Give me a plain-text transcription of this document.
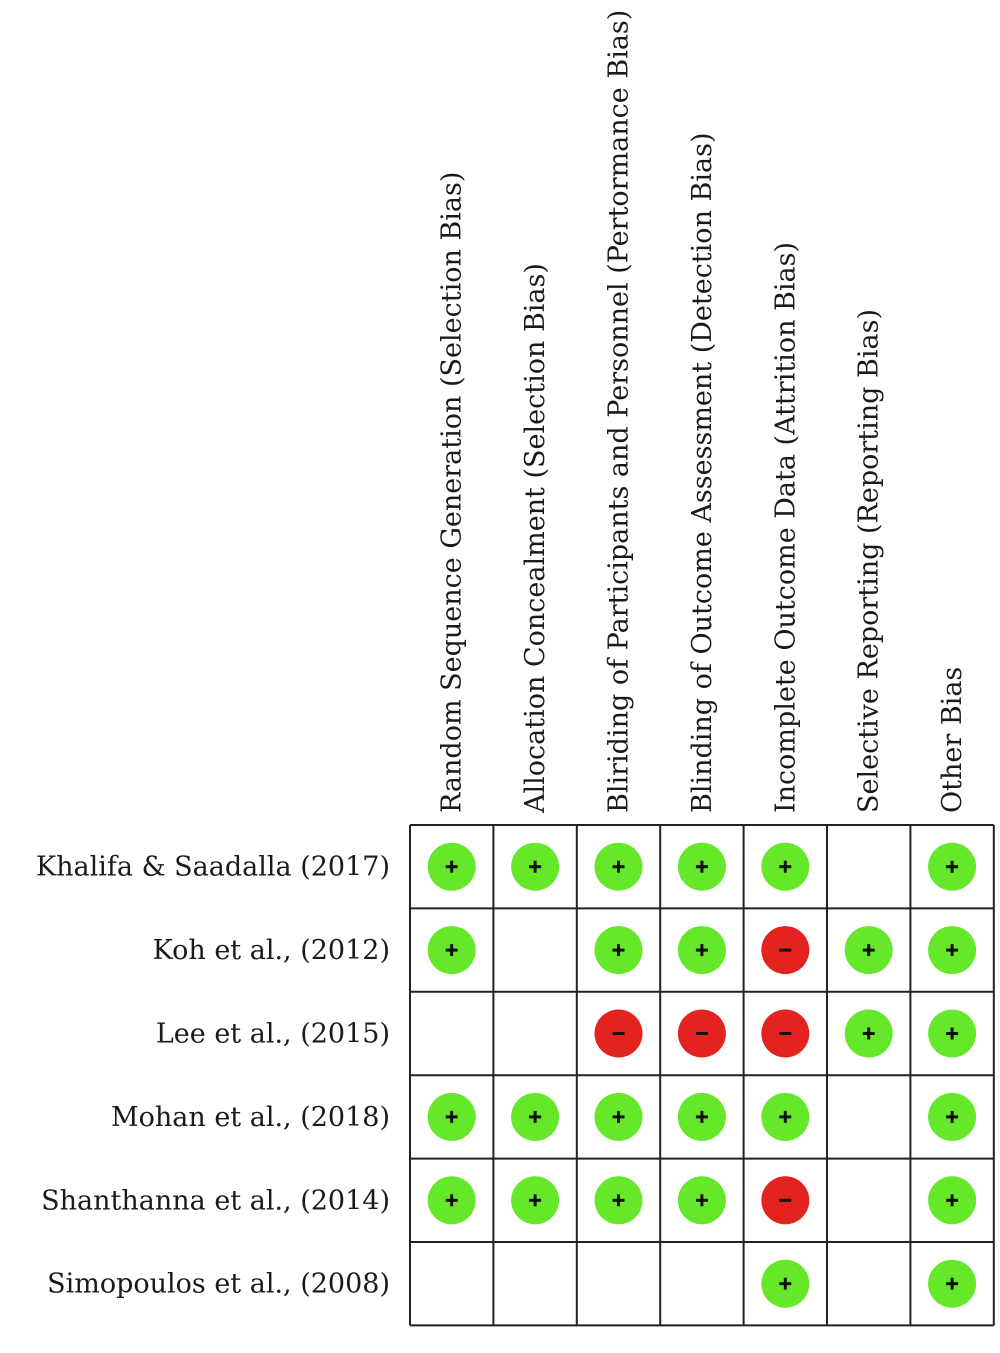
Random Sequence Generation (Selection Bias) Allocation Concealment (Selection Bias) Bliriding of Participants and Personnel (Pertormance Bias) Blinding of Outcome Assessment (Detection Bias) Incomplete Outcome Data (Attrition Bias) Selective Reporting (Reporting Bias) Other Bias
Khalifa & Saadalla (2017)
Koh et al., (2012)
Lee et al., (2015)
Mohan et al., (2018)
Shanthanna et al., (2014)
Simopoulos et al., (2008)
